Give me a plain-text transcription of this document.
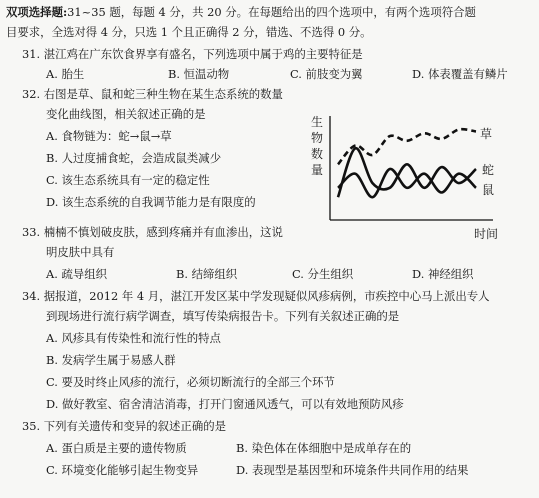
双项选择题:31~35 题，每题 4 分，共 20 分。在每题给出的四个选项中，有两个选项符合题
目要求，全选对得 4 分，只选 1 个且正确得 2 分，错选、不选得 0 分。
31. 湛江鸡在广东饮食界享有盛名，下列选项中属于鸡的主要特征是
A. 胎生	B. 恒温动物	C. 前肢变为翼	D. 体表覆盖有鳞片
32. 右图是草、鼠和蛇三种生物在某生态系统的数量
变化曲线图，相关叙述正确的是
A. 食物链为：蛇→鼠→草
B. 人过度捕食蛇，会造成鼠类减少
C. 该生态系统具有一定的稳定性
D. 该生态系统的自我调节能力是有限度的
生
物
数
量
时间
草
蛇
鼠
33. 楠楠不慎划破皮肤，感到疼痛并有血渗出，这说
明皮肤中具有
A. 疏导组织	B. 结缔组织	C. 分生组织	D. 神经组织
34. 据报道，2012 年 4 月，湛江开发区某中学发现疑似风疹病例，市疾控中心马上派出专人
到现场进行流行病学调查，填写传染病报告卡。下列有关叙述正确的是
A. 风疹具有传染性和流行性的特点
B. 发病学生属于易感人群
C. 要及时终止风疹的流行，必须切断流行的全部三个环节
D. 做好教室、宿舍清洁消毒，打开门窗通风透气，可以有效地预防风疹
35. 下列有关遗传和变异的叙述正确的是
A. 蛋白质是主要的遗传物质	B. 染色体在体细胞中是成单存在的
C. 环境变化能够引起生物变异	D. 表现型是基因型和环境条件共同作用的结果
